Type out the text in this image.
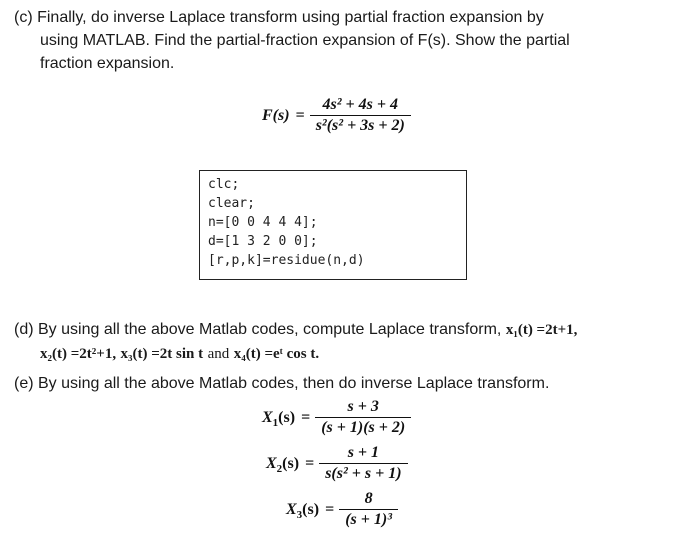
(c) Finally, do inverse Laplace transform using partial fraction expansion by
using MATLAB. Find the partial-fraction expansion of F(s). Show the partial
fraction expansion.
$F(s) = \frac{\text{4s² + 4s + 4}}{\text{s²(s² + 3s + 2)}}$
clc;
clear;
n=[0 0 4 4 4];
d=[1 3 2 0 0];
[r,p,k]=residue(n,d)
(d) By using all the above Matlab codes, compute Laplace transform, x₁(t) =2t+1,
x₂(t) =2t²+1, x₃(t) =2t sin t and x₄(t) =eᵗ cos t.
(e) By using all the above Matlab codes, then do inverse Laplace transform.
$X_1(s) = \frac{s + 3}{(s + 1)(s + 2)}$
$X_2(s) = \frac{s + 1}{\text{s(s² + s + 1)}}$
$X_3(s) = \frac{8}{\text{(s + 1)³}}$
